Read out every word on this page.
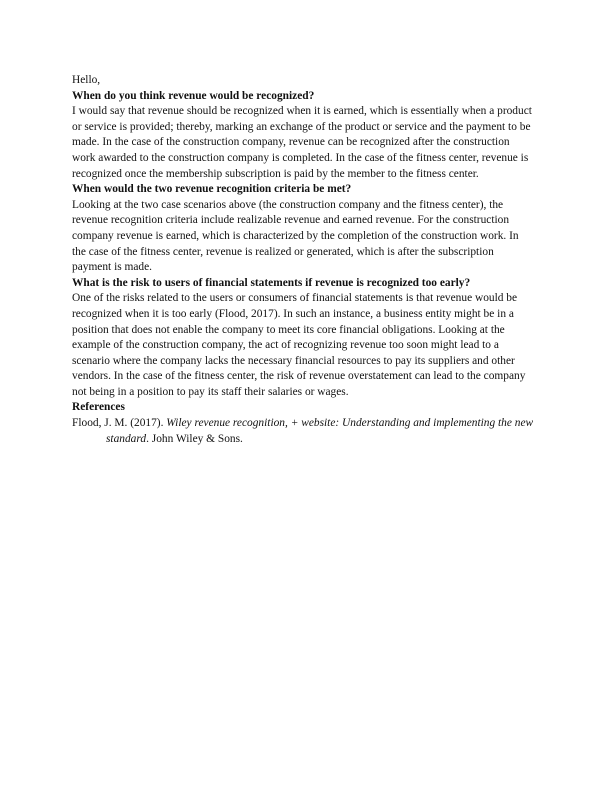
Hello,

When do you think revenue would be recognized?

I would say that revenue should be recognized when it is earned, which is essentially when a product or service is provided; thereby, marking an exchange of the product or service and the payment to be made. In the case of the construction company, revenue can be recognized after the construction work awarded to the construction company is completed. In the case of the fitness center, revenue is recognized once the membership subscription is paid by the member to the fitness center.

When would the two revenue recognition criteria be met?

Looking at the two case scenarios above (the construction company and the fitness center), the revenue recognition criteria include realizable revenue and earned revenue. For the construction company revenue is earned, which is characterized by the completion of the construction work. In the case of the fitness center, revenue is realized or generated, which is after the subscription payment is made.

What is the risk to users of financial statements if revenue is recognized too early?

One of the risks related to the users or consumers of financial statements is that revenue would be recognized when it is too early (Flood, 2017). In such an instance, a business entity might be in a position that does not enable the company to meet its core financial obligations. Looking at the example of the construction company, the act of recognizing revenue too soon might lead to a scenario where the company lacks the necessary financial resources to pay its suppliers and other vendors. In the case of the fitness center, the risk of revenue overstatement can lead to the company not being in a position to pay its staff their salaries or wages.

References

Flood, J. M. (2017). Wiley revenue recognition, + website: Understanding and implementing the new standard. John Wiley & Sons.
